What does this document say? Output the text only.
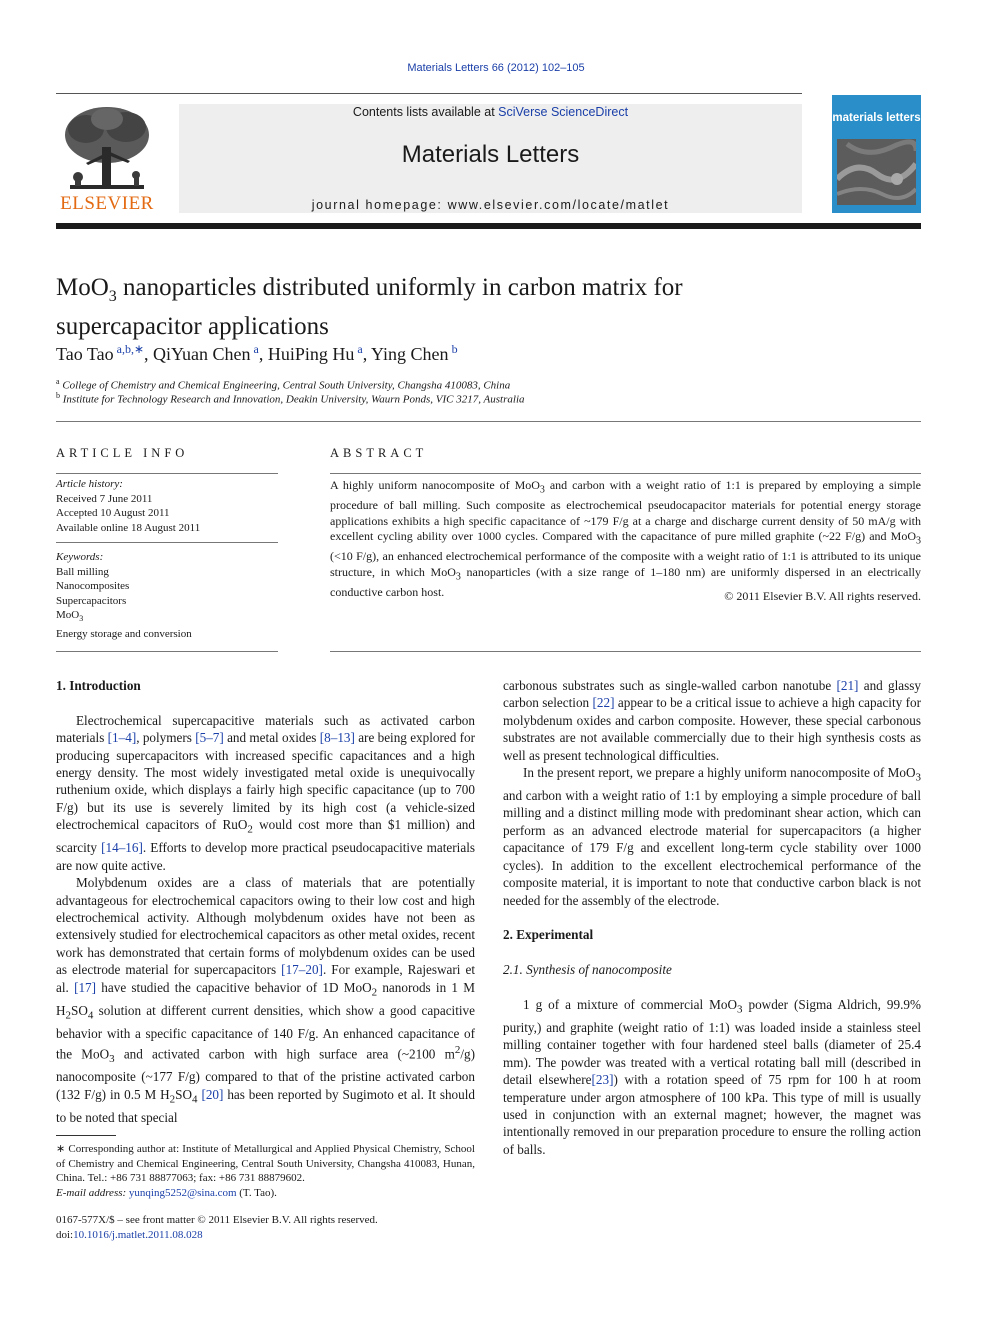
Materials Letters 66 (2012) 102–105
ELSEVIER
Contents lists available at SciVerse ScienceDirect
Materials Letters
journal homepage: www.elsevier.com/locate/matlet
materials letters
MoO$_3$ nanoparticles distributed uniformly in carbon matrix for
supercapacitor applications
Tao Tao $^{a,b,∗}$, QiYuan Chen $^a$, HuiPing Hu $^a$, Ying Chen $^b$
$^a$ College of Chemistry and Chemical Engineering, Central South University, Changsha 410083, China
$^b$ Institute for Technology Research and Innovation, Deakin University, Waurn Ponds, VIC 3217, Australia
ARTICLE INFO	ABSTRACT
Article history:
Received 7 June 2011
Accepted 10 August 2011
Available online 18 August 2011
Keywords:
Ball milling
Nanocomposites
Supercapacitors
MoO$_3$
Energy storage and conversion
A highly uniform nanocomposite of MoO$_3$ and carbon with a weight ratio of 1:1 is prepared by employing a simple procedure of ball milling. Such composite as electrochemical pseudocapacitor materials for potential energy storage applications exhibits a high specific capacitance of ~179 F/g at a charge and discharge current density of 50 mA/g with excellent cycling ability over 1000 cycles. Compared with the capacitance of pure milled graphite (~22 F/g) and MoO$_3$ (<10 F/g), an enhanced electrochemical performance of the composite with a weight ratio of 1:1 is attributed to its unique structure, in which MoO$_3$ nanoparticles (with a size range of 1–180 nm) are uniformly dispersed in an electrically conductive carbon host.	© 2011 Elsevier B.V. All rights reserved.
1. Introduction

Electrochemical supercapacitive materials such as activated carbon materials [1–4], polymers [5–7] and metal oxides [8–13] are being explored for producing supercapacitors with increased specific capacitances and a high energy density. The most widely investigated metal oxide is unequivocally ruthenium oxide, which displays a fairly high specific capacitance (up to 700 F/g) but its use is severely limited by its high cost (a vehicle-sized electrochemical capacitors of RuO$_2$ would cost more than $1 million) and scarcity [14–16]. Efforts to develop more practical pseudocapacitive materials are now quite active.

Molybdenum oxides are a class of materials that are potentially advantageous for electrochemical capacitors owing to their low cost and high electrochemical activity. Although molybdenum oxides have not been as extensively studied for electrochemical capacitors as other metal oxides, recent work has demonstrated that certain forms of molybdenum oxides can be used as electrode material for supercapacitors [17–20]. For example, Rajeswari et al. [17] have studied the capacitive behavior of 1D MoO$_2$ nanorods in 1 M $H_2SO_4$ solution at different current densities, which show a good capacitive behavior with a specific capacitance of 140 F/g. An enhanced capacitance of the MoO$_3$ and activated carbon with high surface area (~2100 $m^2/g$) nanocomposite (~177 F/g) compared to that of the pristine activated carbon (132 F/g) in 0.5 M $H_2SO_4$ [20] has been reported by Sugimoto et al. It should to be noted that special

∗ Corresponding author at: Institute of Metallurgical and Applied Physical Chemistry, School of Chemistry and Chemical Engineering, Central South University, Changsha 410083, Hunan, China. Tel.: +86 731 88877063; fax: +86 731 88879602.
E-mail address: yunqing5252@sina.com (T. Tao).
0167-577X/$ – see front matter © 2011 Elsevier B.V. All rights reserved.
doi:10.1016/j.matlet.2011.08.028

carbonous substrates such as single-walled carbon nanotube [21] and glassy carbon selection [22] appear to be a critical issue to achieve a high capacity for molybdenum oxides and carbon composite. However, these special carbonous substrates are not available commercially due to their high synthesis costs as well as present technological difficulties.

In the present report, we prepare a highly uniform nanocomposite of MoO$_3$ and carbon with a weight ratio of 1:1 by employing a simple procedure of ball milling and a distinct milling mode with predominant shear action, which can perform as an advanced electrode material for supercapacitors (a higher capacitance of 179 F/g and excellent long-term cycle stability over 1000 cycles). In addition to the excellent electrochemical performance of the composite material, it is important to note that conductive carbon black is not needed for the assembly of the electrode.

2. Experimental
2.1. Synthesis of nanocomposite

1 g of a mixture of commercial MoO$_3$ powder (Sigma Aldrich, 99.9% purity,) and graphite (weight ratio of 1:1) was loaded inside a stainless steel milling container together with four hardened steel balls (diameter of 25.4 mm). The powder was treated with a vertical rotating ball mill (described in detail elsewhere[23]) with a rotation speed of 75 rpm for 100 h at room temperature under argon atmosphere of 100 kPa. This type of mill is usually used in conjunction with an external magnet; however, the magnet was intentionally removed in our preparation procedure to ensure the rolling action of balls.
